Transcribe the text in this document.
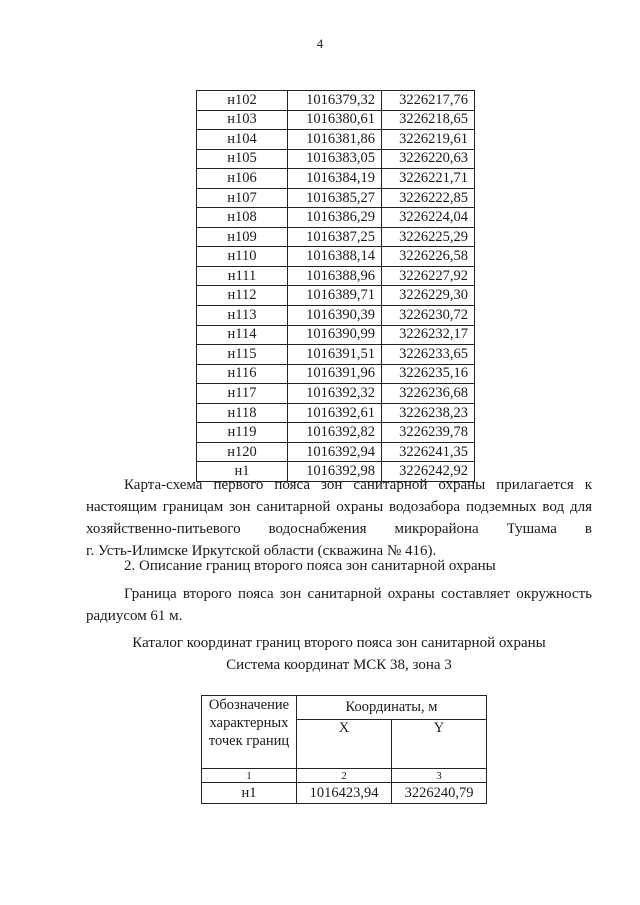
4
н102	1016379,32	3226217,76
н103	1016380,61	3226218,65
н104	1016381,86	3226219,61
н105	1016383,05	3226220,63
н106	1016384,19	3226221,71
н107	1016385,27	3226222,85
н108	1016386,29	3226224,04
н109	1016387,25	3226225,29
н110	1016388,14	3226226,58
н111	1016388,96	3226227,92
н112	1016389,71	3226229,30
н113	1016390,39	3226230,72
н114	1016390,99	3226232,17
н115	1016391,51	3226233,65
н116	1016391,96	3226235,16
н117	1016392,32	3226236,68
н118	1016392,61	3226238,23
н119	1016392,82	3226239,78
н120	1016392,94	3226241,35
н1	1016392,98	3226242,92
Карта-схема первого пояса зон санитарной охраны прилагается к
настоящим границам зон санитарной охраны водозабора подземных вод для
хозяйственно-питьевого водоснабжения микрорайона Тушама в
г. Усть-Илимске Иркутской области (скважина № 416).
2. Описание границ второго пояса зон санитарной охраны
Граница второго пояса зон санитарной охраны составляет окружность
радиусом 61 м.
Каталог координат границ второго пояса зон санитарной охраны
Система координат МСК 38, зона 3
Обозначение характерных точек границ	Координаты, м	
	X	Y
1	2	3
н1	1016423,94	3226240,79
